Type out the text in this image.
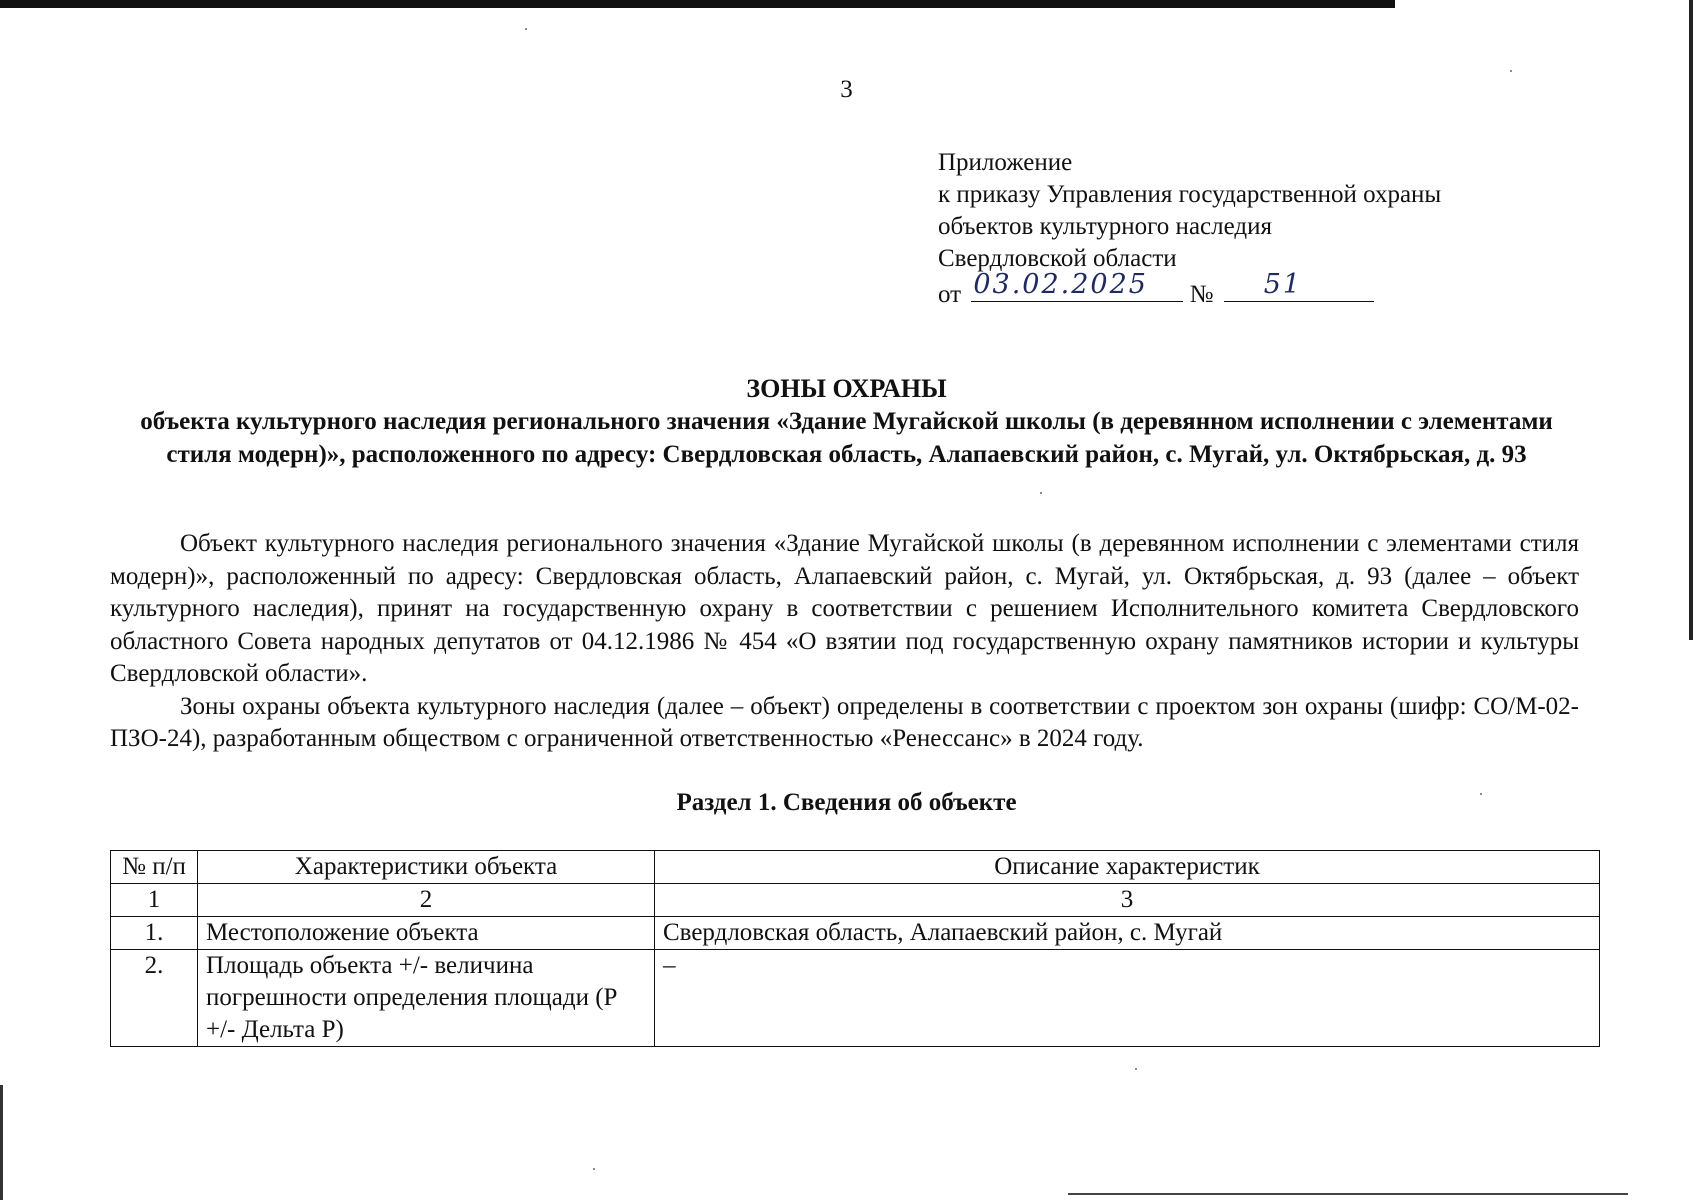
3
Приложение
к приказу Управления государственной охраны
объектов культурного наследия
Свердловской области
от 03.02.2025 № 51
ЗОНЫ ОХРАНЫ
объекта культурного наследия регионального значения «Здание Мугайской школы (в деревянном исполнении с элементами стиля модерн)», расположенного по адресу: Свердловская область, Алапаевский район, с. Мугай, ул. Октябрьская, д. 93

Объект культурного наследия регионального значения «Здание Мугайской школы (в деревянном исполнении с элементами стиля модерн)», расположенный по адресу: Свердловская область, Алапаевский район, с. Мугай, ул. Октябрьская, д. 93 (далее – объект культурного наследия), принят на государственную охрану в соответствии с решением Исполнительного комитета Свердловского областного Совета народных депутатов от 04.12.1986 № 454 «О взятии под государственную охрану памятников истории и культуры Свердловской области».

Зоны охраны объекта культурного наследия (далее – объект) определены в соответствии с проектом зон охраны (шифр: СО/М-02-ПЗО-24), разработанным обществом с ограниченной ответственностью «Ренессанс» в 2024 году.

Раздел 1. Сведения об объекте
№ п/п	Характеристики объекта	Описание характеристик
1	2	3
1.	Местоположение объекта	Свердловская область, Алапаевский район, с. Мугай
2.	Площадь объекта +/- величина погрешности определения площади (P +/- Дельта P)	–
